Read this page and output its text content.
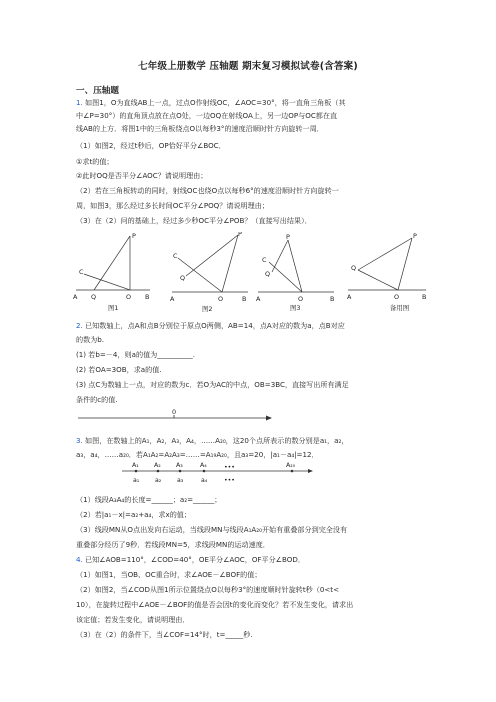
七年级上册数学 压轴题 期末复习模拟试卷(含答案)
一、压轴题
1. 如图1，O为直线AB上一点，过点O作射线OC，∠AOC=30°，将一直角三角板（其
中∠P=30°）的直角顶点放在点O处，一边OQ在射线OA上，另一边OP与OC都在直
线AB的上方．将图1中的三角板绕点O以每秒3°的速度沿顺时针方向旋转一周．
（1）如图2，经过t秒后，OP恰好平分∠BOC．
①求t的值；
②此时OQ是否平分∠AOC？请说明理由；
（2）若在三角板转动的同时，射线OC也绕O点以每秒6°的速度沿顺时针方向旋转一
周，如图3，那么经过多长时间OC平分∠POQ？请说明理由；
（3）在（2）问的基础上，经过多少秒OC平分∠POB？（直接写出结果）．
A Q	O B
C
P
图1
A	O	B
C
Q
P
图2
A	O	B
C
Q
P
图3
A	O	B
Q
P
备用图
2. 已知数轴上，点A和点B分别位于原点O两侧，AB=14，点A对应的数为a，点B对应
的数为b.
(1) 若b=－4，则a的值为__________.
(2) 若OA=3OB，求a的值.
(3) 点C为数轴上一点，对应的数为c．若O为AC的中点，OB=3BC，直接写出所有满足
条件的c的值.
0
3. 如图，在数轴上的A₁，A₂，A₃，A₄，……A₂₀，这20个点所表示的数分别是a₁，a₂，
a₃，a₄，……a₂₀．若A₁A₂=A₂A₃=……=A₁₉A₂₀，且a₃=20，|a₁－a₄|=12．
A₁ A₂ A₃	A₄	•••	A₂₀
a₁	a₂	a₃	a₄	•••
（1）线段A₃A₄的长度=______；a₂=______；
（2）若|a₁－x|=a₂+a₄，求x的值；
（3）线段MN从O点出发向右运动，当线段MN与线段A₁A₂₀开始有重叠部分到完全没有
重叠部分经历了9秒．若线段MN=5，求线段MN的运动速度．
4. 已知∠AOB=110°，∠COD=40°，OE平分∠AOC，OF平分∠BOD．
（1）如图1，当OB、OC重合时，求∠AOE－∠BOF的值；
（2）如图2，当∠COD从图1所示位置绕点O以每秒3°的速度顺时针旋转t秒（0<t<
10），在旋转过程中∠AOE－∠BOF的值是否会因t的变化而变化？若不发生变化，请求出
该定值；若发生变化，请说明理由．
（3）在（2）的条件下，当∠COF=14°时，t=_____秒.
